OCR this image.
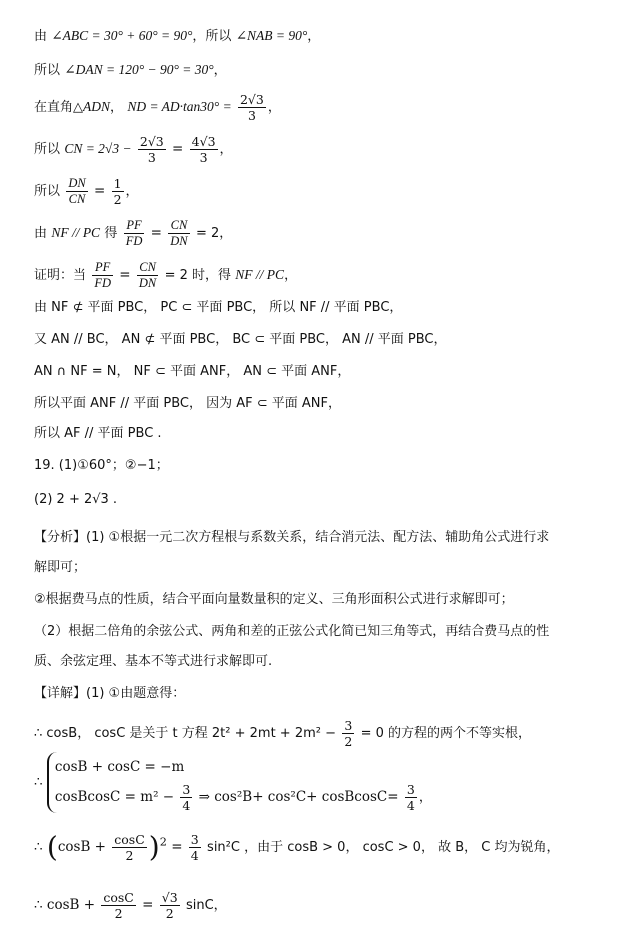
由 ∠ABC = 30° + 60° = 90°，所以 ∠NAB = 90°，
所以 ∠DAN = 120° − 90° = 30°，
在直角△ADN， ND = $AD\cdot\tan 30^\circ = \frac{2√3}{3}$ ，
所以 CN = $2√3 - \frac{2√3}{3} = \frac{4√3}{3}$ ，
所以 $\frac{DN}{CN} = \frac{1}{2}$ ，
由 NF // PC 得 $\frac{PF}{FD} = \frac{CN}{DN} = 2$，
证明：当 $\frac{PF}{FD} = \frac{CN}{DN} = 2$ 时，得 NF // PC，
由 NF ⊄ 平面 PBC， PC ⊂ 平面 PBC， 所以 NF // 平面 PBC，
又 AN // BC， AN ⊄ 平面 PBC， BC ⊂ 平面 PBC， AN // 平面 PBC，
AN ∩ NF = N， NF ⊂ 平面 ANF， AN ⊂ 平面 ANF，
所以平面 ANF // 平面 PBC， 因为 AF ⊂ 平面 ANF，
所以 AF // 平面 PBC .
19. (1)①60°；②−1；
(2) 2 + 2√3 .
【分析】(1) ①根据一元二次方程根与系数关系，结合消元法、配方法、辅助角公式进行求
解即可；
②根据费马点的性质，结合平面向量数量积的定义、三角形面积公式进行求解即可；
（2）根据二倍角的余弦公式、两角和差的正弦公式化简已知三角等式，再结合费马点的性
质、余弦定理、基本不等式进行求解即可.
【详解】(1) ①由题意得：
∴ cosB， cosC 是关于 t 方程 $2t^2 + 2mt + 2m^2 - \frac{3}{2} = 0$ 的方程的两个不等实根，
∴
cosB + cosC = −m
cosBcosC = $m^2 - \frac{3}{4}$ ⇒ cos²B+ cos²C+ cosBcosC= $\frac{3}{4}$ ，
∴ $(\cos B + \frac{\cos C}{2} )^2 = \frac{3}{4} \sin^2C$ ，由于 cosB > 0， cosC > 0， 故 B， C 均为锐角，
∴ $\cos B + \frac{\cos C}{2} = \frac{√3}{2}$ sinC，
